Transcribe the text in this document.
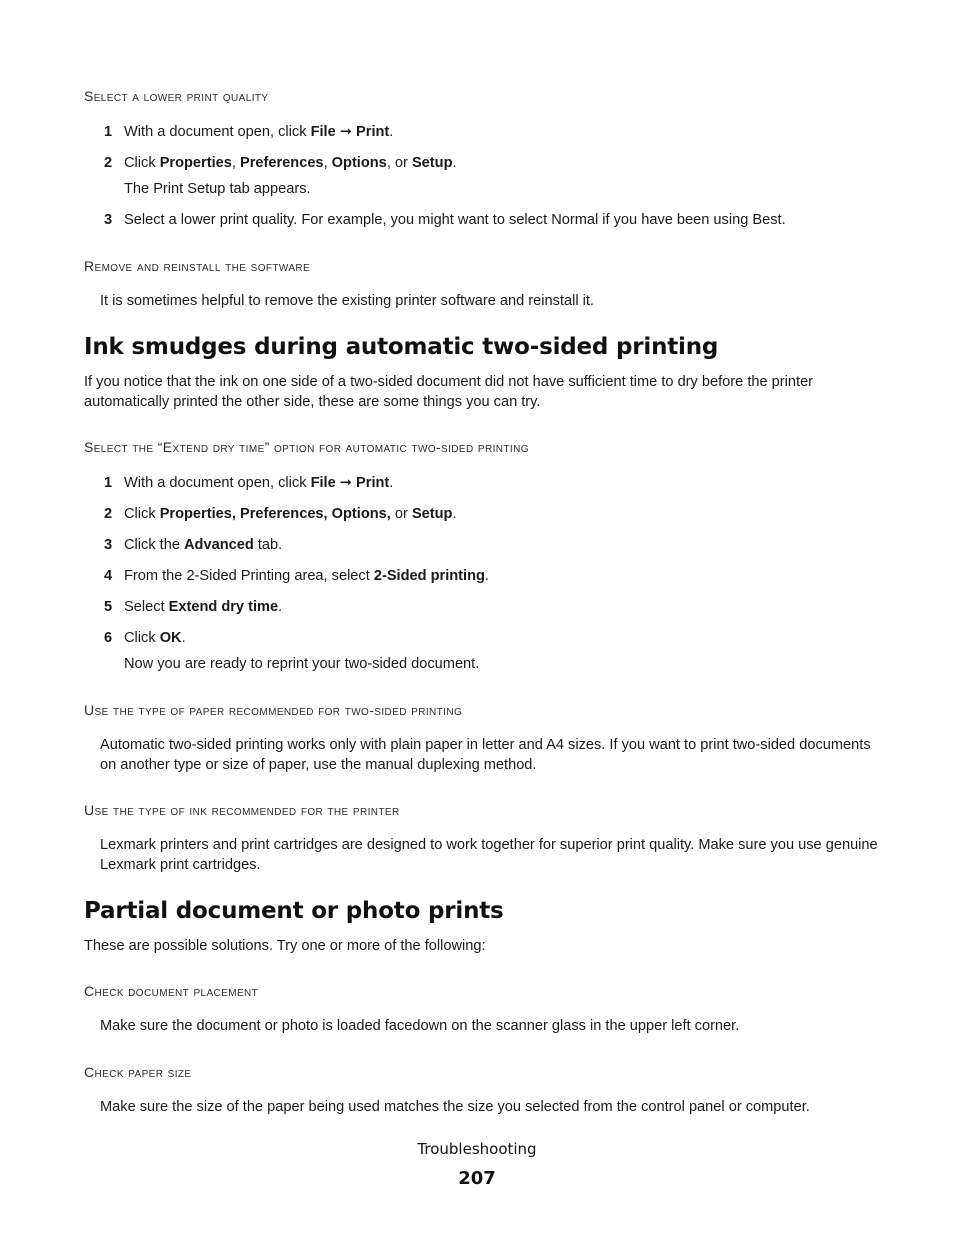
Select a lower print quality

1 With a document open, click File ➞ Print.

2 Click Properties, Preferences, Options, or Setup.

The Print Setup tab appears.

3 Select a lower print quality. For example, you might want to select Normal if you have been using Best.

Remove and reinstall the software

It is sometimes helpful to remove the existing printer software and reinstall it.

Ink smudges during automatic two-sided printing

If you notice that the ink on one side of a two-sided document did not have sufficient time to dry before the printer automatically printed the other side, these are some things you can try.

Select the “Extend dry time” option for automatic two-sided printing

1 With a document open, click File ➞ Print.

2 Click Properties, Preferences, Options, or Setup.

3 Click the Advanced tab.

4 From the 2-Sided Printing area, select 2-Sided printing.

5 Select Extend dry time.

6 Click OK.

Now you are ready to reprint your two-sided document.

Use the type of paper recommended for two-sided printing

Automatic two-sided printing works only with plain paper in letter and A4 sizes. If you want to print two-sided documents on another type or size of paper, use the manual duplexing method.

Use the type of ink recommended for the printer

Lexmark printers and print cartridges are designed to work together for superior print quality. Make sure you use genuine Lexmark print cartridges.

Partial document or photo prints

These are possible solutions. Try one or more of the following:

Check document placement

Make sure the document or photo is loaded facedown on the scanner glass in the upper left corner.

Check paper size

Make sure the size of the paper being used matches the size you selected from the control panel or computer.

Troubleshooting
207
